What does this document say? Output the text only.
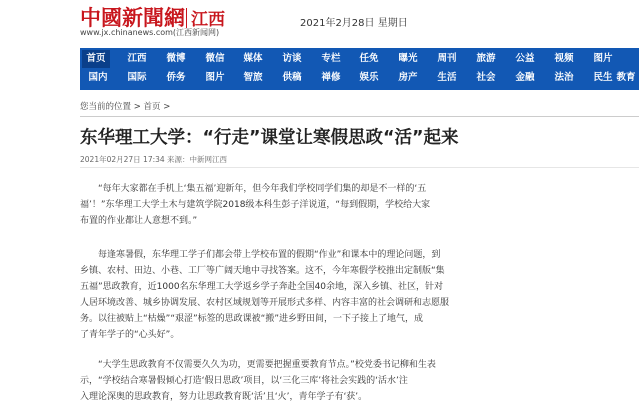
中國新聞網 江西
www.jx.chinanews.com(江西新闻网)
2021年2月28日 星期日
首页	江西 微博 微信 媒体 访谈 专栏 任免 曝光 周刊 旅游 公益 视频 图片
国内 国际 侨务 图片 智旅 供稿 禅修 娱乐 房产 生活 社会 金融 法治 民生 教育
您当前的位置 > 首页 >
东华理工大学：“行走”课堂让寒假思政“活”起来
2021年02月27日 17:34 来源：中新网江西

“每年大家都在手机上‘集五福’迎新年，但今年我们学校同学们集的却是不一样的‘五

福’！”东华理工大学土木与建筑学院2018级本科生彭子洋说道，“每到假期，学校给大家

布置的作业都让人意想不到。”

每逢寒暑假，东华理工学子们都会带上学校布置的假期“作业”和课本中的理论问题，到

乡镇、农村、田边、小巷、工厂等广阔天地中寻找答案。这不，今年寒假学校推出定制版“集

五福”思政教育，近1000名东华理工大学返乡学子奔赴全国40余地，深入乡镇、社区，针对

人居环境改善、城乡协调发展、农村区域规划等开展形式多样、内容丰富的社会调研和志愿服

务。以往被贴上“枯燥”“艰涩”标签的思政课被“搬”进乡野田间，一下子接上了地气，成

了青年学子的“心头好”。

“大学生思政教育不仅需要久久为功，更需要把握重要教育节点。”校党委书记柳和生表

示，“学校结合寒暑假倾心打造‘假日思政’项目，以‘三化三库’将社会实践的‘活水’注

入理论深奥的思政教育，努力让思政教育既‘活’且‘火’，青年学子有‘获’。
